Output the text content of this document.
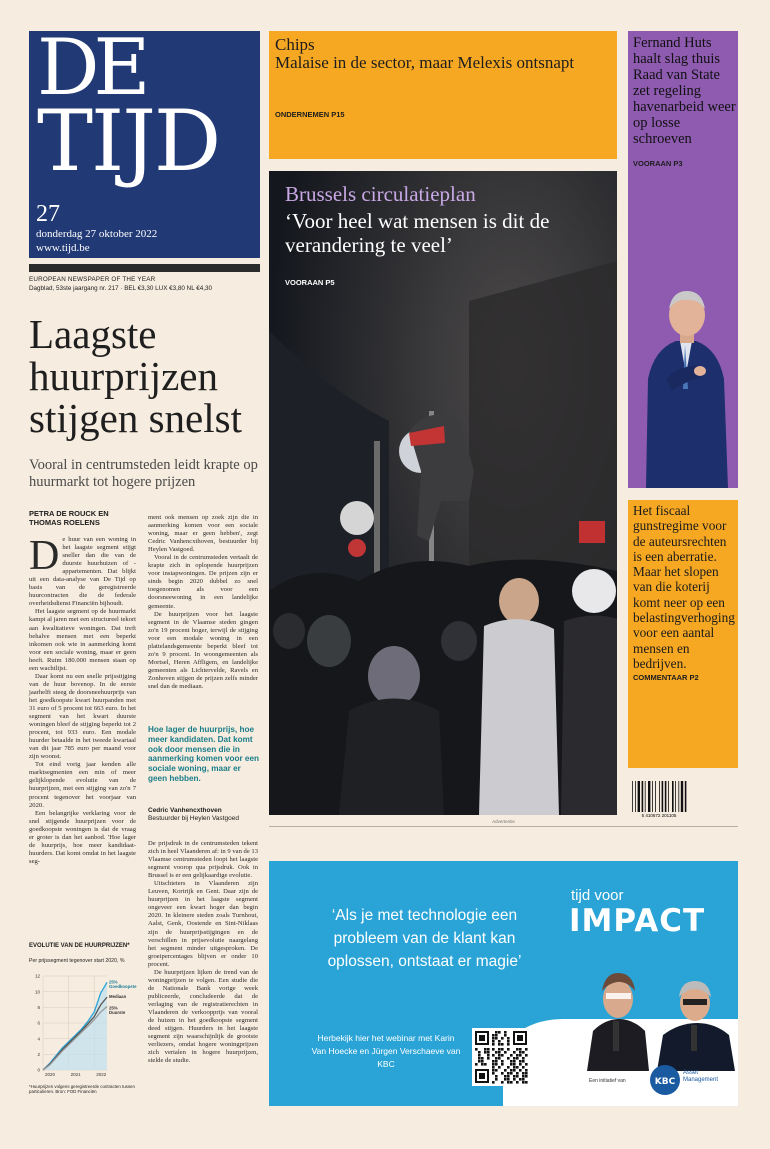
DE
TIJD
27
donderdag 27 oktober 2022
www.tijd.be
EUROPEAN NEWSPAPER OF THE YEAR
Dagblad, 53ste jaargang nr. 217 · BEL €3,30 LUX €3,80 NL €4,30
Laagste huurprijzen stijgen snelst
Vooral in centrumsteden leidt krapte op huurmarkt tot hogere prijzen
PETRA DE ROUCK EN
THOMAS ROELENS

De huur van een woning in het laagste segment stijgt sneller dan die van de duurste huurhuizen of -appartementen. Dat blijkt uit een data-analyse van De Tijd op basis van de geregistreerde huurcontracten die de federale overheidsdienst Financiën bijhoudt.

Het laagste segment op de huurmarkt kampt al jaren met een structureel tekort aan kwalitatieve woningen. Dat treft behalve mensen met een beperkt inkomen ook wie in aanmerking komt voor een sociale woning, maar er geen heeft. Ruim 180.000 mensen staan op een wachtlijst.

Daar komt nu een snelle prijsstijging van de huur bovenop. In de eerste jaarhelft steeg de doorsneehuurprijs van het goedkoopste kwart huurpanden met 31 euro of 5 procent tot 663 euro. In het segment van het kwart duurste woningen bleef de stijging beperkt tot 2 procent, tot 933 euro. Een modale huurder betaalde in het tweede kwartaal van dit jaar 785 euro per maand voor zijn woonst.

Tot eind vorig jaar kenden alle marktsegmenten een min of meer gelijklopende evolutie van de huurprijzen, met een stijging van zo'n 7 procent tegenover het voorjaar van 2020.

Een belangrijke verklaring voor de snel stijgende huurprijzen voor de goedkoopste woningen is dat de vraag er groter is dan het aanbod. 'Hoe lager de huurprijs, hoe meer kandidaat-huurders. Dat komt omdat in het laagste seg-

ment ook mensen op zoek zijn die in aanmerking komen voor een sociale woning, maar er geen hebben', zegt Cedric Vanhencxthoven, bestuurder bij Heylen Vastgoed.

Vooral in de centrumsteden vertaalt de krapte zich in oplopende huurprijzen voor instapwoningen. De prijzen zijn er sinds begin 2020 dubbel zo snel toegenomen als voor een doorsneewoning in een landelijke gemeente.

De huurprijzen voor het laagste segment in de Vlaamse steden gingen zo'n 19 procent hoger, terwijl de stijging voor een modale woning in een plattelandsgemeente beperkt bleef tot zo'n 9 procent. In woongemeenten als Mortsel, Heren Affligem, en landelijke gemeenten als Lichtervelde, Ravels en Zonhoven stijgen de prijzen zelfs minder snel dan de mediaan.

Hoe lager de huurprijs, hoe meer kandidaten. Dat komt ook door mensen die in aanmerking komen voor een sociale woning, maar er geen hebben.
Cedric Vanhencxthoven
Bestuurder bij Heylen Vastgoed

De prijsdruk in de centrumsteden tekent zich in heel Vlaanderen af: in 9 van de 13 Vlaamse centrumsteden loopt het laagste segment voorop qua prijsdruk. Ook in Brussel is er een gelijkaardige evolutie.

Uitschieters in Vlaanderen zijn Leuven, Kortrijk en Gent. Daar zijn de huurprijzen in het laagste segment ongeveer een kwart hoger dan begin 2020. In kleinere steden zoals Turnhout, Aalst, Genk, Oostende en Sint-Niklaas zijn de huurprijsstijgingen en de verschillen in prijsevolutie naargelang het segment minder uitgesproken. De groeipercentages blijven er onder 10 procent.

De huurprijzen lijken de trend van de woningprijzen te volgen. Een studie die de Nationale Bank vorige week publiceerde, concludeerde dat de verlaging van de registratierechten in Vlaanderen de verkoopprijs van vooral de huizen in het goedkoopste segment deed stijgen. Huurders in het laagste segment zijn waarschijnlijk de grootste verliezers, omdat hogere woningprijzen zich vertalen in hogere huurprijzen, stelde de studie.

EVOLUTIE VAN DE HUURPRIJZEN*
Per prijssegment tegenover start 2020, %
0
2
4
6
8
10
12
2020	2021	2022
25% Goedkoopste
Mediaan
25% Duurste
*Huurprijzen volgens geregistreerde contracten tussen particulieren. Bron: FOD Financiën
Chips
Malaise in de sector, maar Melexis ontsnapt
ONDERNEMEN P15
Fernand Huts haalt slag thuis Raad van State zet regeling havenarbeid weer op losse schroeven
VOORAAN P3
Brussels circulatieplan
‘Voor heel wat mensen is dit de verandering te veel’
VOORAAN P5
Het fiscaal gunstregime voor de auteursrechten is een aberratie. Maar het slopen van die koterij komt neer op een belastingverhoging voor een aantal mensen en bedrijven.
COMMENTAAR P2
5 410672 201105
Advertentie
‘Als je met technologie een probleem van de klant kan oplossen, ontstaat er magie’
Herbekijk hier het webinar met Karin Van Hoecke en Jürgen Verschaeve van KBC
tijd voor
IMPACT
Een initiatief van	KBC
Asset
Management
